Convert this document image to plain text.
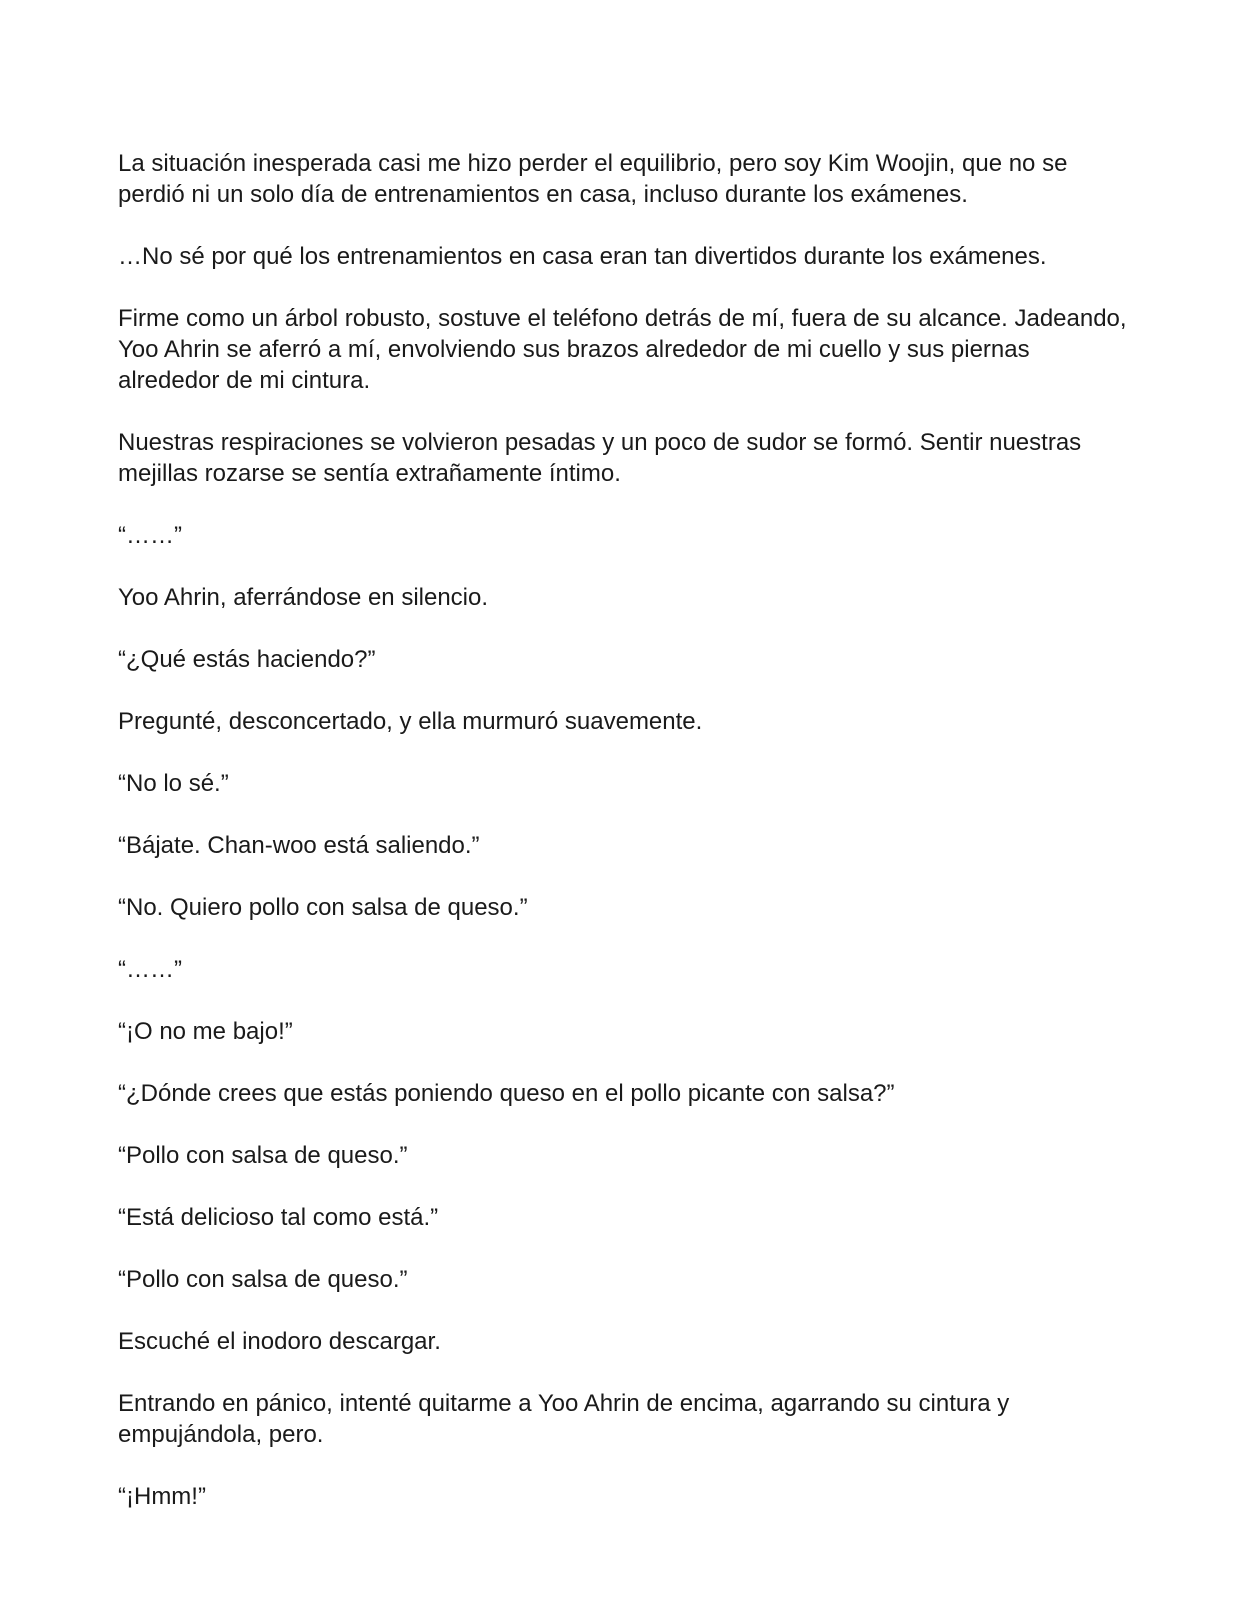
La situación inesperada casi me hizo perder el equilibrio, pero soy Kim Woojin, que no se perdió ni un solo día de entrenamientos en casa, incluso durante los exámenes.

…No sé por qué los entrenamientos en casa eran tan divertidos durante los exámenes.

Firme como un árbol robusto, sostuve el teléfono detrás de mí, fuera de su alcance. Jadeando, Yoo Ahrin se aferró a mí, envolviendo sus brazos alrededor de mi cuello y sus piernas alrededor de mi cintura.

Nuestras respiraciones se volvieron pesadas y un poco de sudor se formó. Sentir nuestras mejillas rozarse se sentía extrañamente íntimo.

“……”

Yoo Ahrin, aferrándose en silencio.

“¿Qué estás haciendo?”

Pregunté, desconcertado, y ella murmuró suavemente.

“No lo sé.”

“Bájate. Chan-woo está saliendo.”

“No. Quiero pollo con salsa de queso.”

“……”

“¡O no me bajo!”

“¿Dónde crees que estás poniendo queso en el pollo picante con salsa?”

“Pollo con salsa de queso.”

“Está delicioso tal como está.”

“Pollo con salsa de queso.”

Escuché el inodoro descargar.

Entrando en pánico, intenté quitarme a Yoo Ahrin de encima, agarrando su cintura y empujándola, pero.

“¡Hmm!”
